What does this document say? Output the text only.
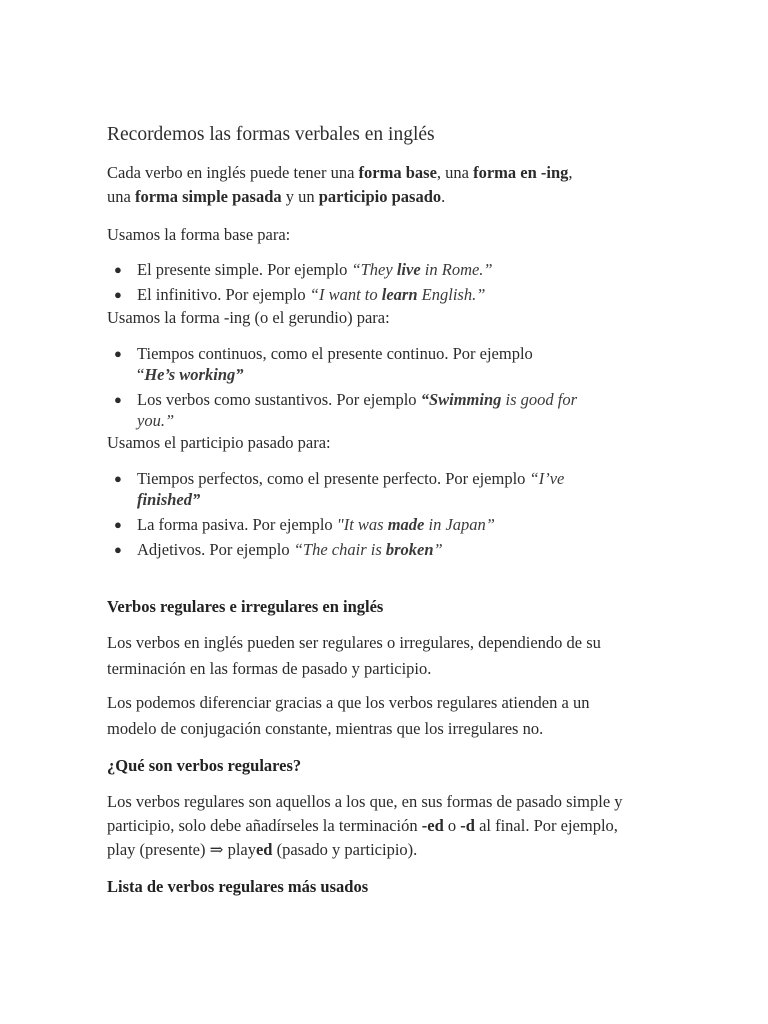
Recordemos las formas verbales en inglés
Cada verbo en inglés puede tener una forma base, una forma en -ing,
una forma simple pasada y un participio pasado.
Usamos la forma base para:
● El presente simple. Por ejemplo “They live in Rome.”
● El infinitivo. Por ejemplo “I want to learn English.”
Usamos la forma -ing (o el gerundio) para:
● Tiempos continuos, como el presente continuo. Por ejemplo
“He’s working”
● Los verbos como sustantivos. Por ejemplo “Swimming is good for
you.”
Usamos el participio pasado para:
● Tiempos perfectos, como el presente perfecto. Por ejemplo “I’ve
finished”
● La forma pasiva. Por ejemplo "It was made in Japan”
● Adjetivos. Por ejemplo “The chair is broken”
Verbos regulares e irregulares en inglés
Los verbos en inglés pueden ser regulares o irregulares, dependiendo de su
terminación en las formas de pasado y participio.
Los podemos diferenciar gracias a que los verbos regulares atienden a un
modelo de conjugación constante, mientras que los irregulares no.
¿Qué son verbos regulares?
Los verbos regulares son aquellos a los que, en sus formas de pasado simple y
participio, solo debe añadírseles la terminación -ed o -d al final. Por ejemplo,
play (presente) ⇒ played (pasado y participio).
Lista de verbos regulares más usados
